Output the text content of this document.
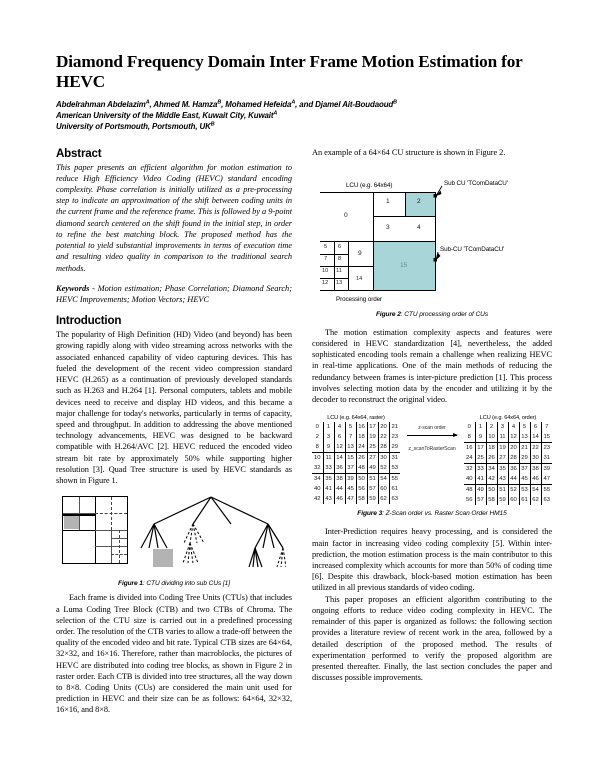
Diamond Frequency Domain Inter Frame Motion Estimation for HEVC

Abdelrahman Abdelazim$^A$, Ahmed M. Hamza$^B$, Mohamed Hefeida$^A$, and Djamel Ait-Boudaoud$^B$

American University of the Middle East, Kuwait City, Kuwait$^A$

University of Portsmouth, Portsmouth, $UK^B$

Abstract

This paper presents an efficient algorithm for motion estimation to reduce High Efficiency Video Coding (HEVC) standard encoding complexity. Phase correlation is initially utilized as a pre-processing step to indicate an approximation of the shift between coding units in the current frame and the reference frame. This is followed by a 9-point diamond search centered on the shift found in the initial step, in order to refine the best matching block. The proposed method has the potential to yield substantial improvements in terms of execution time and resulting video quality in comparison to the traditional search methods.

Keywords - Motion estimation; Phase Correlation; Diamond Search; HEVC Improvements; Motion Vectors; HEVC

Introduction

The popularity of High Definition (HD) Video (and beyond) has been growing rapidly along with video streaming across networks with the associated enhanced capability of video capturing devices. This has fueled the development of the recent video compression standard HEVC (H.265) as a continuation of previously developed standards such as H.263 and H.264 [1]. Personal computers, tablets and mobile devices need to receive and display HD videos, and this became a major challenge for today's networks, particularly in terms of capacity, speed and throughput. In addition to addressing the above mentioned technology advancements, HEVC was designed to be backward compatible with H.264/AVC [2]. HEVC reduced the encoded video stream bit rate by approximately 50% while supporting higher resolution [3]. Quad Tree structure is used by HEVC standards as shown in Figure 1.

Figure 1: CTU dividing into sub CUs [1]

Each frame is divided into Coding Tree Units (CTUs) that includes a Luma Coding Tree Block (CTB) and two CTBs of Chroma. The selection of the CTU size is carried out in a predefined processing order. The resolution of the CTB varies to allow a trade-off between the quality of the encoded video and bit rate. Typical CTB sizes are 64×64, 32×32, and 16×16. Therefore, rather than macroblocks, the pictures of HEVC are distributed into coding tree blocks, as shown in Figure 2 in raster order. Each CTB is divided into tree structures, all the way down to 8×8. Coding Units (CUs) are considered the main unit used for prediction in HEVC and their size can be as follows: 64×64, 32×32, 16×16, and 8×8.

An example of a 64×64 CU structure is shown in Figure 2.

LCU (e.g. 64x64)	Sub CU 'TComDataCU'
Sub-CU 'TComDataCU'
Processing order
0
1	2
3	4
5 6
7 8
9
10 11
12 13
14
15

Figure 2: CTU processing order of CUs

The motion estimation complexity aspects and features were considered in HEVC standardization [4], nevertheless, the added sophisticated encoding tools remain a challenge when realizing HEVC in real-time applications. One of the main methods of reducing the redundancy between frames is inter-picture prediction [1]. This process involves selecting motion data by the encoder and utilizing it by the decoder to reconstruct the original video.

LCU (e.g. 64x64, raster)
0	1	4	5	16	17	20	21
2	3	6	7	18	19	22	23
8	9	12	13	24	25	28	29
10	11	14	15	26	27	30	31
32	33	36	37	48	49	52	53
34	35	38	39	50	51	54	55
40	41	44	45	56	57	60	61
42	43	46	47	58	59	62	63
z-scan order
z_scanToRasterScan
LCU (e.g. 64x64, order)
0	1	2	3	4	5	6	7
8	9	10	11	12	13	14	15
16	17	18	19	20	21	22	23
24	25	26	27	28	29	30	31
32	33	34	35	36	37	38	39
40	41	42	43	44	45	46	47
48	49	50	51	52	53	54	55
56	57	58	59	60	61	62	63

Figure 3: Z-Scan order vs. Raster Scan Order HM15

Inter-Prediction requires heavy processing, and is considered the main factor in increasing video coding complexity [5]. Within inter-prediction, the motion estimation process is the main contributor to this increased complexity which accounts for more than 50% of coding time [6]. Despite this drawback, block-based motion estimation has been utilized in all previous standards of video coding.

This paper proposes an efficient algorithm contributing to the ongoing efforts to reduce video coding complexity in HEVC. The remainder of this paper is organized as follows: the following section provides a literature review of recent work in the area, followed by a detailed description of the proposed method. The results of experimentation performed to verify the proposed algorithm are presented thereafter. Finally, the last section concludes the paper and discusses possible improvements.
